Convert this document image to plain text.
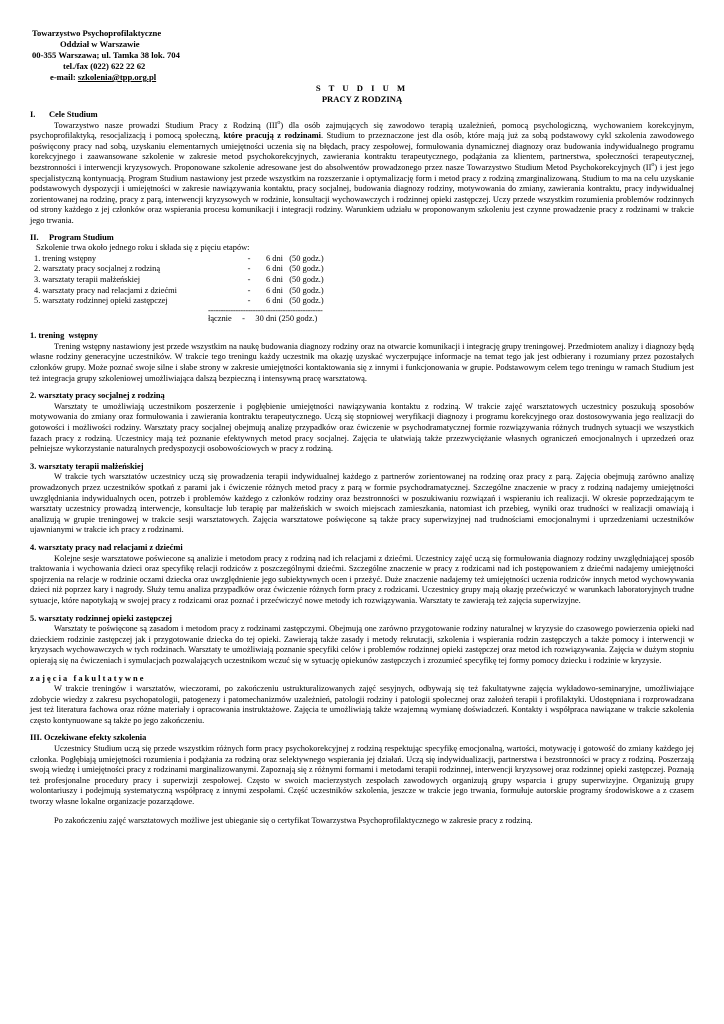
Towarzystwo Psychoprofilaktyczne
Oddział w Warszawie
00-355 Warszawa; ul. Tamka 38 lok. 704
tel./fax (022) 622 22 62
e-mail: szkolenia@tpp.org.pl
S T U D I U M
PRACY Z RODZINĄ
I. Cele Studium

Towarzystwo nasze prowadzi Studium Pracy z Rodziną (III$^o$) dla osób zajmujących się zawodowo terapią uzależnień, pomocą psychologiczną, wychowaniem korekcyjnym, psychoprofilaktyką, resocjalizacją i pomocą społeczną, które pracują z rodzinami. Studium to przeznaczone jest dla osób, które mają już za sobą podstawowy cykl szkolenia zawodowego poświęcony pracy nad sobą, uzyskaniu elementarnych umiejętności uczenia się na błędach, pracy zespołowej, formułowania dynamicznej diagnozy oraz budowania indywidualnego programu korekcyjnego i zaawansowane szkolenie w zakresie metod psychokorekcyjnych, zawierania kontraktu terapeutycznego, podążania za klientem, partnerstwa, społeczności terapeutycznej, bezstronności i interwencji kryzysowych. Proponowane szkolenie adresowane jest do absolwentów prowadzonego przez nasze Towarzystwo Studium Metod Psychokorekcyjnych $(II^o)$ i jest jego specjalistyczną kontynuacją. Program Studium nastawiony jest przede wszystkim na rozszerzanie i optymalizację form i metod pracy z rodziną zmarginalizowaną. Studium to ma na celu uzyskanie podstawowych dyspozycji i umiejętności w zakresie nawiązywania kontaktu, pracy socjalnej, budowania diagnozy rodziny, motywowania do zmiany, zawierania kontraktu, pracy indywidualnej zorientowanej na rodzinę, pracy z parą, interwencji kryzysowych w rodzinie, konsultacji wychowawczych i rodzinnej opieki zastępczej. Uczy przede wszystkim rozumienia problemów rodzinnych od strony każdego z jej członków oraz wspierania procesu komunikacji i integracji rodziny. Warunkiem udziału w proponowanym szkoleniu jest czynne prowadzenie pracy z rodzinami w trakcie jego trwania.

II. Program Studium
Szkolenie trwa około jednego roku i składa się z pięciu etapów:
1. trening wstępny	-	6 dni   (50 godz.)
2. warsztaty pracy socjalnej z rodziną	-	6 dni   (50 godz.)
3. warsztaty terapii małżeńskiej	-	6 dni   (50 godz.)
4. warsztaty pracy nad relacjami z dziećmi	-	6 dni   (50 godz.)
5. warsztaty rodzinnej opieki zastępczej	-	6 dni   (50 godz.)
----------------------------------------------
łącznie     -     30 dni (250 godz.)
1. trening  wstępny

Trening wstępny nastawiony jest przede wszystkim na naukę budowania diagnozy rodziny oraz na otwarcie komunikacji i integrację grupy treningowej. Przedmiotem analizy i diagnozy będą własne rodziny generacyjne uczestników. W trakcie tego treningu każdy uczestnik ma okazję uzyskać wyczerpujące informacje na temat tego jak jest odbierany i rozumiany przez pozostałych członków grupy. Może poznać swoje silne i słabe strony w zakresie umiejętności kontaktowania się z innymi i funkcjonowania w grupie. Podstawowym celem tego treningu w ramach Studium jest też integracja grupy szkoleniowej umożliwiająca dalszą bezpieczną i intensywną pracę warsztatową.

2. warsztaty pracy socjalnej z rodziną

Warsztaty te umożliwiają uczestnikom poszerzenie i pogłębienie umiejętności nawiązywania kontaktu z rodziną. W trakcie zajęć warsztatowych uczestnicy poszukują sposobów motywowania do zmiany oraz formułowania i zawierania kontraktu terapeutycznego. Uczą się stopniowej weryfikacji diagnozy i programu korekcyjnego oraz dostosowywania jego realizacji do gotowości i możliwości rodziny. Warsztaty pracy socjalnej obejmują analizę przypadków oraz ćwiczenie w psychodramatycznej formie rozwiązywania różnych trudnych sytuacji we wszystkich fazach pracy z rodziną. Uczestnicy mają też poznanie efektywnych metod pracy socjalnej. Zajęcia te ułatwiają także przezwyciężanie własnych ograniczeń emocjonalnych i uprzedzeń oraz pełniejsze wykorzystanie naturalnych predyspozycji osobowościowych w pracy z rodziną.

3. warsztaty terapii małżeńskiej

W trakcie tych warsztatów uczestnicy uczą się prowadzenia terapii indywidualnej każdego z partnerów zorientowanej na rodzinę oraz pracy z parą. Zajęcia obejmują zarówno analizę prowadzonych przez uczestników spotkań z parami jak i ćwiczenie różnych metod pracy z parą w formie psychodramatycznej. Szczególne znaczenie w pracy z rodziną nadajemy umiejętności uwzględniania indywidualnych ocen, potrzeb i problemów każdego z członków rodziny oraz bezstronności w poszukiwaniu rozwiązań i wspieraniu ich realizacji. W okresie poprzedzającym te warsztaty uczestnicy prowadzą interwencje, konsultacje lub terapię par małżeńskich w swoich miejscach zamieszkania, natomiast ich przebieg, wyniki oraz trudności w realizacji omawiają i analizują w grupie treningowej w trakcie sesji warsztatowych. Zajęcia warsztatowe poświęcone są także pracy superwizyjnej nad trudnościami emocjonalnymi i uprzedzeniami uczestników ujawnianymi w trakcie ich pracy z rodzinami.

4. warsztaty pracy nad relacjami z dziećmi

Kolejne sesje warsztatowe poświecone są analizie i metodom pracy z rodziną nad ich relacjami z dziećmi. Uczestnicy zajęć uczą się formułowania diagnozy rodziny uwzględniającej sposób traktowania i wychowania dzieci oraz specyfikę relacji rodziców z poszczególnymi dziećmi. Szczególne znaczenie w pracy z rodzicami nad ich postępowaniem z dziećmi nadajemy umiejętności spojrzenia na relacje w rodzinie oczami dziecka oraz uwzględnienie jego subiektywnych ocen i przeżyć. Duże znaczenie nadajemy też umiejętności uczenia rodziców innych metod wychowywania dzieci niż poprzez kary i nagrody. Służy temu analiza przypadków oraz ćwiczenie różnych form pracy z rodzicami. Uczestnicy grupy mają okazję przećwiczyć w warunkach laboratoryjnych trudne sytuacje, które napotykają w swojej pracy z rodzicami oraz poznać i przećwiczyć nowe metody ich rozwiązywania. Warsztaty te zawierają też zajęcia superwizyjne.

5. warsztaty rodzinnej opieki zastępczej

Warsztaty te poświęcone są zasadom i metodom pracy z rodzinami zastępczymi. Obejmują one zarówno przygotowanie rodziny naturalnej w kryzysie do czasowego powierzenia opieki nad dzieckiem rodzinie zastępczej jak i przygotowanie dziecka do tej opieki. Zawierają także zasady i metody rekrutacji, szkolenia i wspierania rodzin zastępczych a także pomocy i interwencji w kryzysach wychowawczych w tych rodzinach. Warsztaty te umożliwiają poznanie specyfiki celów i problemów rodzinnej opieki zastępczej oraz metod ich rozwiązywania. Zajęcia w dużym stopniu opierają się na ćwiczeniach i symulacjach pozwalających uczestnikom wczuć się w sytuację opiekunów zastępczych i zrozumieć specyfikę tej formy pomocy dziecku i rodzinie w kryzysie.

z a j ę c i a   f a k u l t a t y w n e

W trakcie treningów i warsztatów, wieczorami, po zakończeniu ustrukturalizowanych zajęć sesyjnych, odbywają się też fakultatywne zajęcia wykładowo-seminaryjne, umożliwiające zdobycie wiedzy z zakresu psychopatologii, patogenezy i patomechanizmów uzależnień, patologii rodziny i patologii społecznej oraz założeń terapii i profilaktyki. Udostępniana i rozprowadzana jest też literatura fachowa oraz różne materiały i opracowania instruktażowe. Zajęcia te umożliwiają także wzajemną wymianę doświadczeń. Kontakty i współpraca nawiązane w trakcie szkolenia często kontynuowane są także po jego zakończeniu.

III. Oczekiwane efekty szkolenia

Uczestnicy Studium uczą się przede wszystkim różnych form pracy psychokorekcyjnej z rodziną respektując specyfikę emocjonalną, wartości, motywację i gotowość do zmiany każdego jej członka. Pogłębiają umiejętności rozumienia i podążania za rodziną oraz selektywnego wspierania jej działań. Uczą się indywidualizacji, partnerstwa i bezstronności w pracy z rodziną. Poszerzają swoją wiedzę i umiejętności pracy z rodzinami marginalizowanymi. Zapoznają się z różnymi formami i metodami terapii rodzinnej, interwencji kryzysowej oraz rodzinnej opieki zastępczej. Poznają też profesjonalne procedury pracy i superwizji zespołowej. Często w swoich macierzystych zespołach zawodowych organizują grupy wsparcia i grupy superwizyjne. Organizują grupy wolontariuszy i podejmują systematyczną współpracę z innymi zespołami. Część uczestników szkolenia, jeszcze w trakcie jego trwania, formułuje autorskie programy środowiskowe a z czasem tworzy własne lokalne organizacje pozarządowe.

Po zakończeniu zajęć warsztatowych możliwe jest ubieganie się o certyfikat Towarzystwa Psychoprofilaktycznego w zakresie pracy z rodziną.
